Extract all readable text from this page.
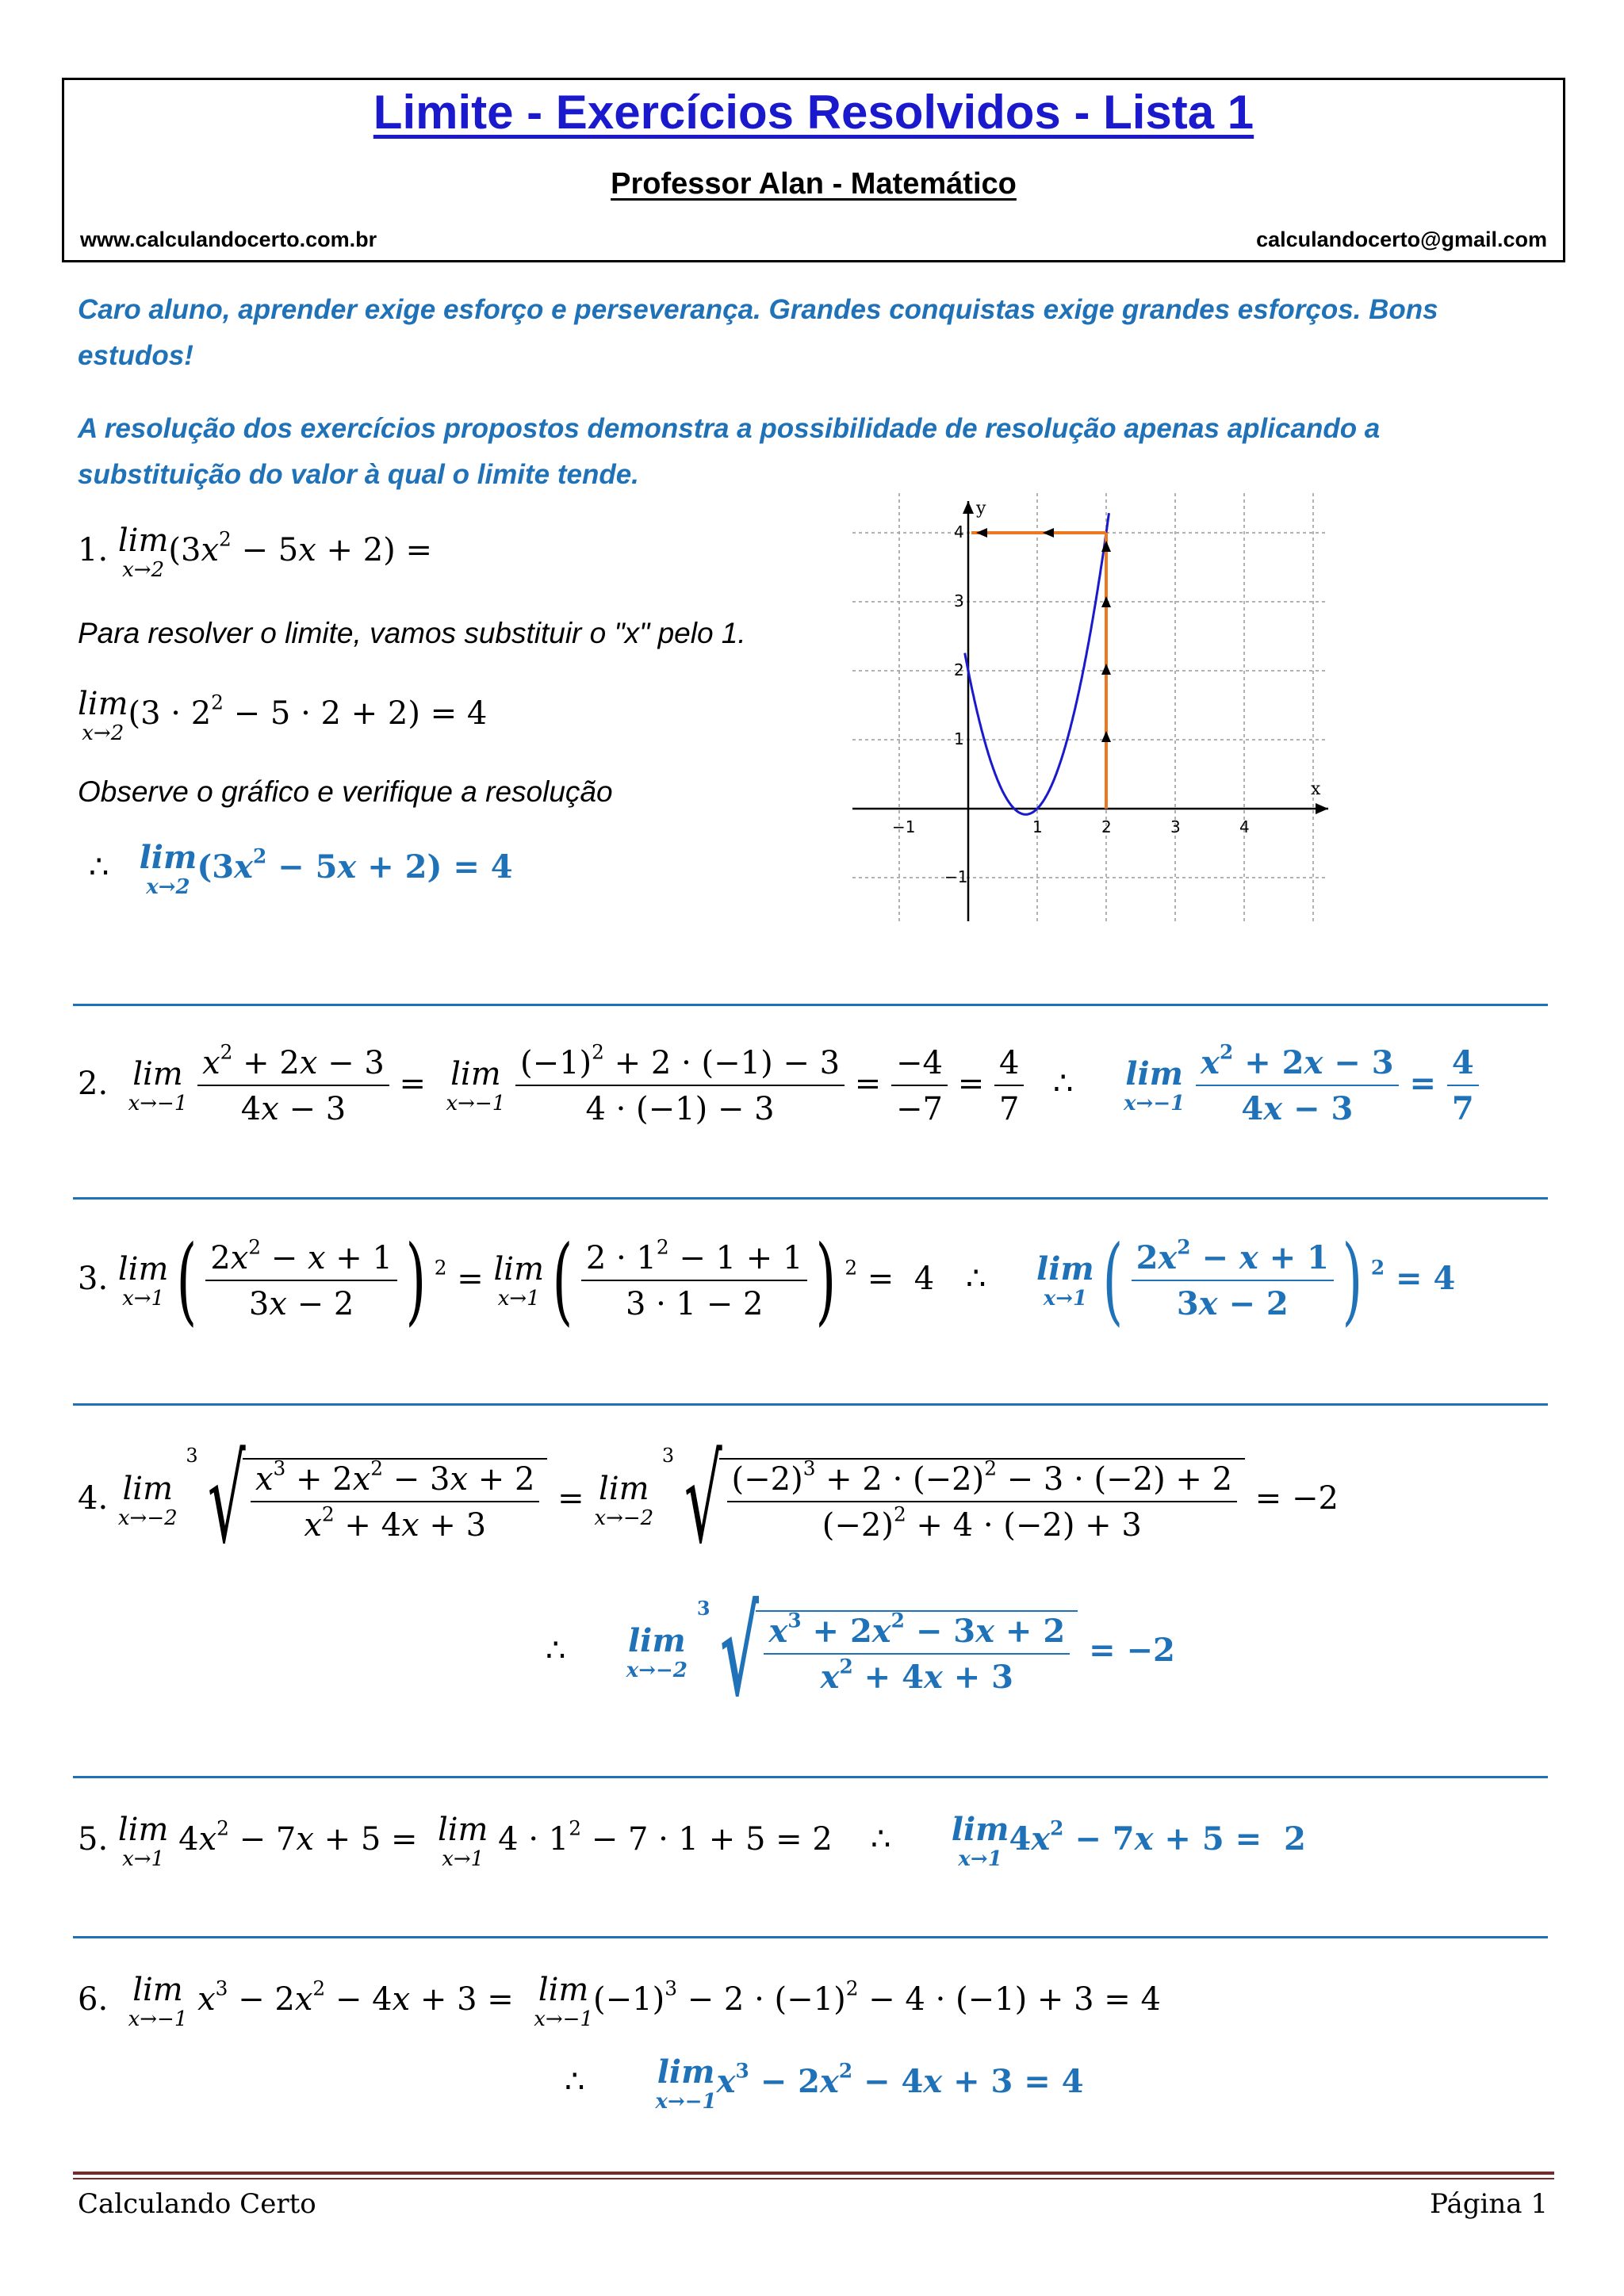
Limite - Exercícios Resolvidos - Lista 1
Professor Alan - Matemático
www.calculandocerto.com.br	calculandocerto@gmail.com
Caro aluno, aprender exige esforço e perseverança. Grandes conquistas exige grandes esforços. Bons estudos!
A resolução dos exercícios propostos demonstra a possibilidade de resolução apenas aplicando a substituição do valor à qual o limite tende.
1. lim
x→2
$(3x^2 - 5x + 2)$ =
Para resolver o limite, vamos substituir o "x" pelo 1.
lim
x→2
$(3 \cdot 2^2 - 5 \cdot 2 + 2) = 4$
Observe o gráfico e verifique a resolução
∴ lim
x→2
$(3x^2 - 5x + 2) = 4$
y
x
−1	1	2	3	4
4
3
2
1
−1
2. lim
x→−1
$\frac{x^2 + 2x - 3}{4x - 3} = \lim$
x→−1
$\frac{(-1)^2 + 2 \cdot (-1) - 3}{4 \cdot (-1) - 3} = \frac{-4}{-7} = \frac{4}{7}$ ∴ lim
x→−1
$\frac{x^2 + 2x - 3}{4x - 3} = \frac{4}{7}$
3. lim
x→1 ( $\frac{2x^2 - x + 1}{3x - 2}$ ) $^2$ = lim
x→1 ( $\frac{2 \cdot 1^2 - 1 + 1}{3 \cdot 1 - 2}$ ) $^2$ =  4 ∴ lim
x→1 ( $\frac{2x^2 - x + 1}{3x - 2}$ ) $^2$ = 4
4. lim
x→−2

3 √ $\frac{x^3 + 2x^2 - 3x + 2}{x^2 + 4x + 3} = \lim$
x→−2

3 √ $\frac{(-2)^3 + 2 \cdot (-2)^2 - 3 \cdot (-2) + 2}{(-2)^2 + 4 \cdot (-2) + 3} = -2$
∴ lim
x→−2

3 √ $\frac{x^3 + 2x^2 - 3x + 2}{x^2 + 4x + 3} = -2$
5. lim
x→1
$4x^2 - 7x + 5 = \lim$
x→1
$4 \cdot 1^2 - 7 \cdot 1 + 5 = 2$ ∴ lim
x→1
$4x^2 - 7x + 5 = 2$
6. lim
x→−1
$x^3 - 2x^2 - 4x + 3 = \lim$
x→−1
$(-1)^3 - 2 \cdot (-1)^2 - 4 \cdot (-1) + 3 = 4$
∴ lim
x→−1
$x^3 - 2x^2 - 4x + 3 = 4$
Calculando Certo	Página 1
